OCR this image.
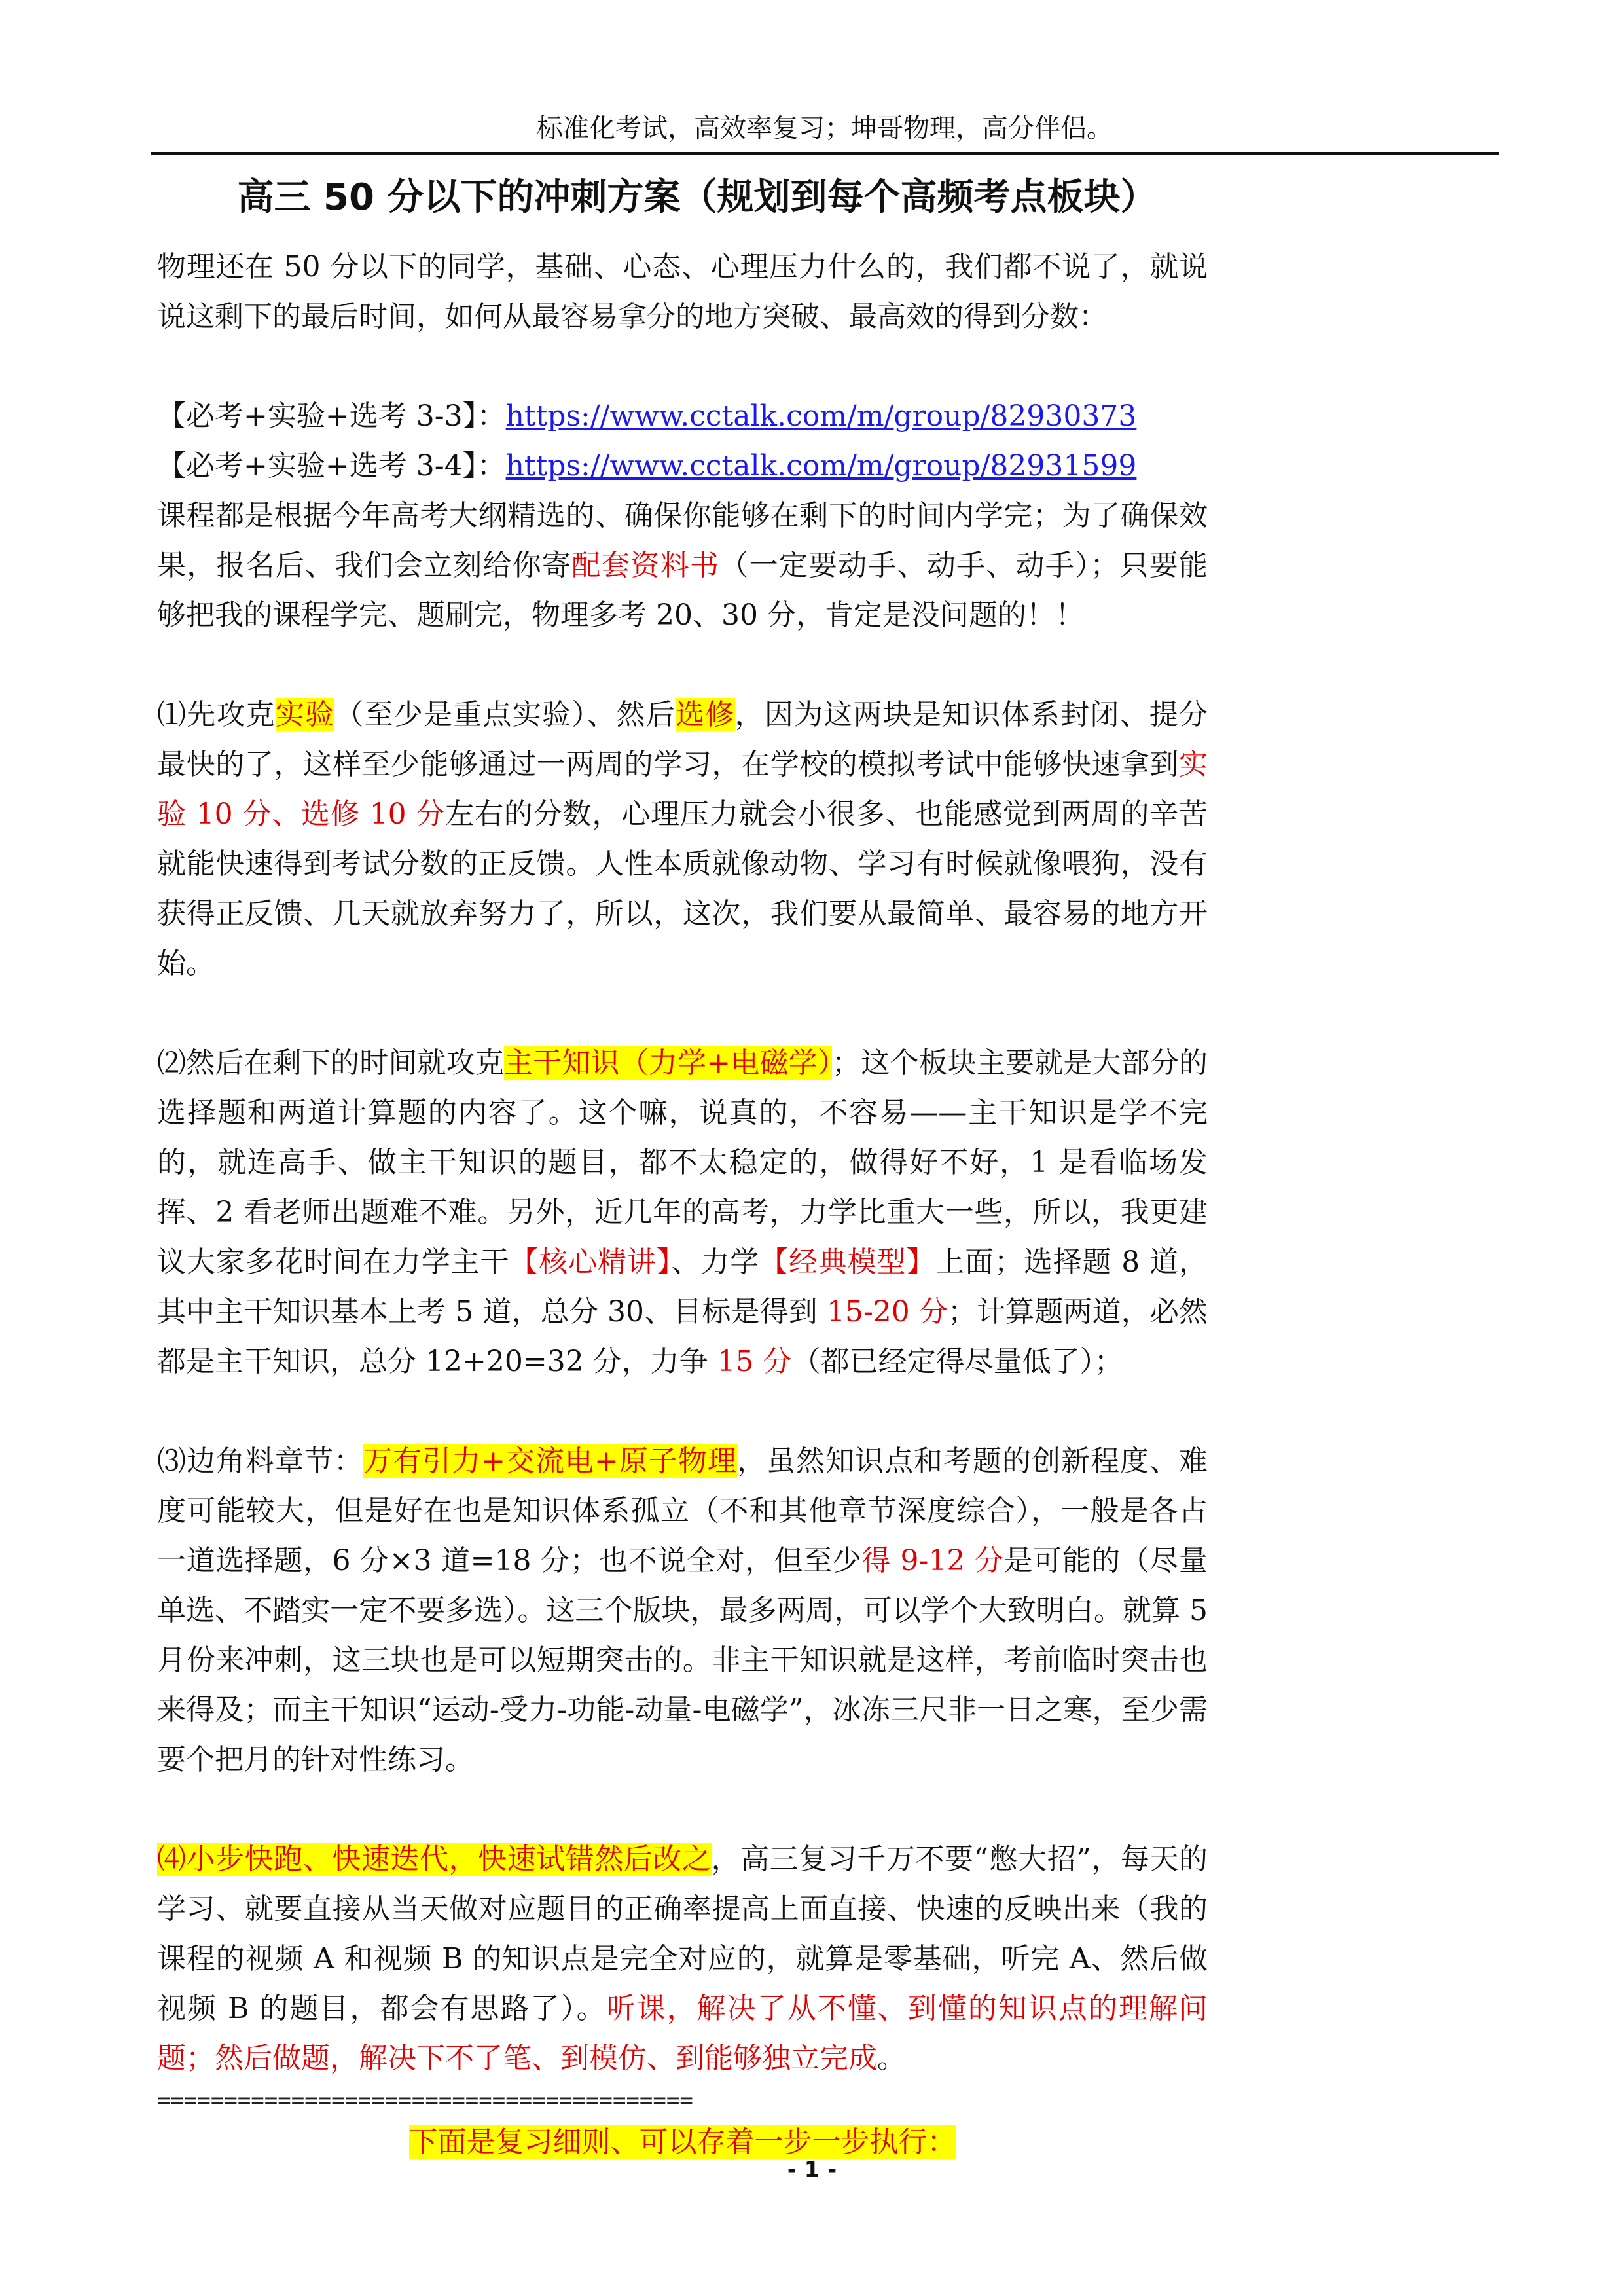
标准化考试，高效率复习；坤哥物理，高分伴侣。
高三 50 分以下的冲刺方案（规划到每个高频考点板块）

物理还在 50 分以下的同学，基础、心态、心理压力什么的，我们都不说了，就说说这剩下的最后时间，如何从最容易拿分的地方突破、最高效的得到分数：

【必考+实验+选考 3-3】：https://www.cctalk.com/m/group/82930373

【必考+实验+选考 3-4】：https://www.cctalk.com/m/group/82931599

课程都是根据今年高考大纲精选的、确保你能够在剩下的时间内学完；为了确保效果，报名后、我们会立刻给你寄配套资料书（一定要动手、动手、动手）；只要能够把我的课程学完、题刷完，物理多考 20、30 分，肯定是没问题的！！

⑴先攻克实验（至少是重点实验）、然后选修，因为这两块是知识体系封闭、提分最快的了，这样至少能够通过一两周的学习，在学校的模拟考试中能够快速拿到实验 10 分、选修 10 分左右的分数，心理压力就会小很多、也能感觉到两周的辛苦就能快速得到考试分数的正反馈。人性本质就像动物、学习有时候就像喂狗，没有获得正反馈、几天就放弃努力了，所以，这次，我们要从最简单、最容易的地方开始。

⑵然后在剩下的时间就攻克主干知识（力学+电磁学）；这个板块主要就是大部分的选择题和两道计算题的内容了。这个嘛，说真的，不容易——主干知识是学不完的，就连高手、做主干知识的题目，都不太稳定的，做得好不好，1 是看临场发挥、2 看老师出题难不难。另外，近几年的高考，力学比重大一些，所以，我更建议大家多花时间在力学主干【核心精讲】、力学【经典模型】上面；选择题 8 道，其中主干知识基本上考 5 道，总分 30、目标是得到 15-20 分；计算题两道，必然都是主干知识，总分 12+20=32 分，力争 15 分（都已经定得尽量低了）；

⑶边角料章节：万有引力+交流电+原子物理，虽然知识点和考题的创新程度、难度可能较大，但是好在也是知识体系孤立（不和其他章节深度综合），一般是各占一道选择题，6 分×3 道=18 分；也不说全对，但至少得 9-12 分是可能的（尽量单选、不踏实一定不要多选）。这三个版块，最多两周，可以学个大致明白。就算 5 月份来冲刺，这三块也是可以短期突击的。非主干知识就是这样，考前临时突击也来得及；而主干知识“运动-受力-功能-动量-电磁学”，冰冻三尺非一日之寒，至少需要个把月的针对性练习。

⑷小步快跑、快速迭代，快速试错然后改之，高三复习千万不要“憋大招”，每天的学习、就要直接从当天做对应题目的正确率提高上面直接、快速的反映出来（我的课程的视频 A 和视频 B 的知识点是完全对应的，就算是零基础，听完 A、然后做视频 B 的题目，都会有思路了）。听课，解决了从不懂、到懂的知识点的理解问题；然后做题，解决下不了笔、到模仿、到能够独立完成。

========================================

下面是复习细则、可以存着一步一步执行：

- 1 -
